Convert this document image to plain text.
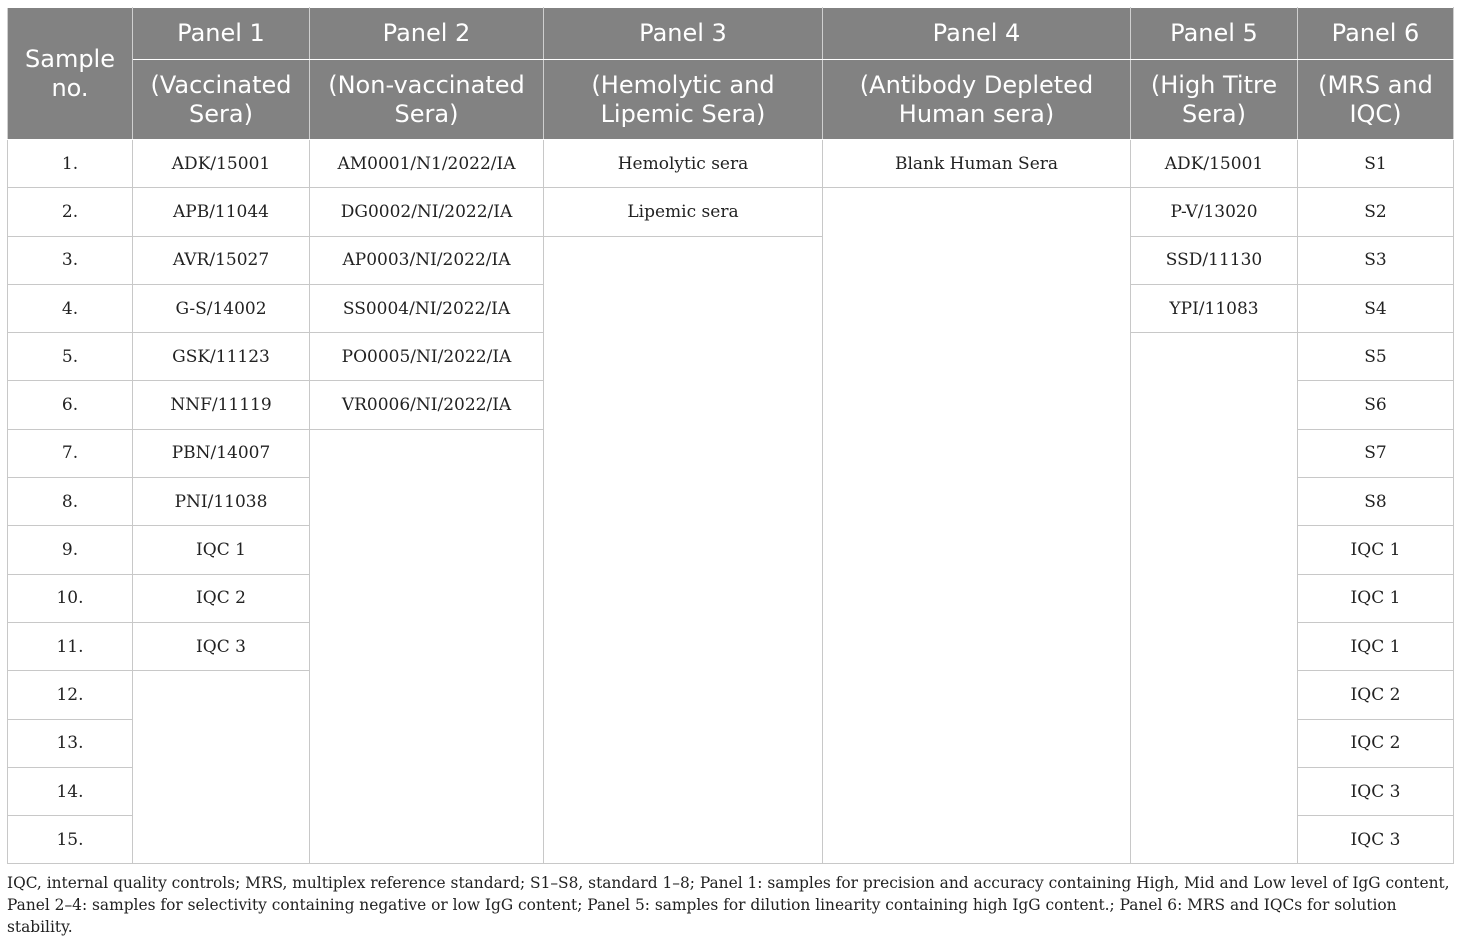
Sample no.	Panel 1	Panel 2	Panel 3	Panel 4	Panel 5	Panel 6
	(Vaccinated Sera)	(Non-vaccinated Sera)	(Hemolytic and Lipemic Sera)	(Antibody Depleted Human sera)	(High Titre Sera)	(MRS and IQC)
1.	ADK/15001	AM0001/N1/2022/IA	Hemolytic sera	Blank Human Sera	ADK/15001	S1
2.	APB/11044	DG0002/NI/2022/IA	Lipemic sera		P-V/13020	S2
3.	AVR/15027	AP0003/NI/2022/IA			SSD/11130	S3
4.	G-S/14002	SS0004/NI/2022/IA			YPI/11083	S4
5.	GSK/11123	PO0005/NI/2022/IA				S5
6.	NNF/11119	VR0006/NI/2022/IA				S6
7.	PBN/14007					S7
8.	PNI/11038					S8
9.	IQC 1					IQC 1
10.	IQC 2					IQC 1
11.	IQC 3					IQC 1
12.						IQC 2
13.						IQC 2
14.						IQC 3
15.						IQC 3

IQC, internal quality controls; MRS, multiplex reference standard; S1–S8, standard 1–8; Panel 1: samples for precision and accuracy containing High, Mid and Low level of IgG content, Panel 2–4: samples for selectivity containing negative or low IgG content; Panel 5: samples for dilution linearity containing high IgG content.; Panel 6: MRS and IQCs for solution stability.
